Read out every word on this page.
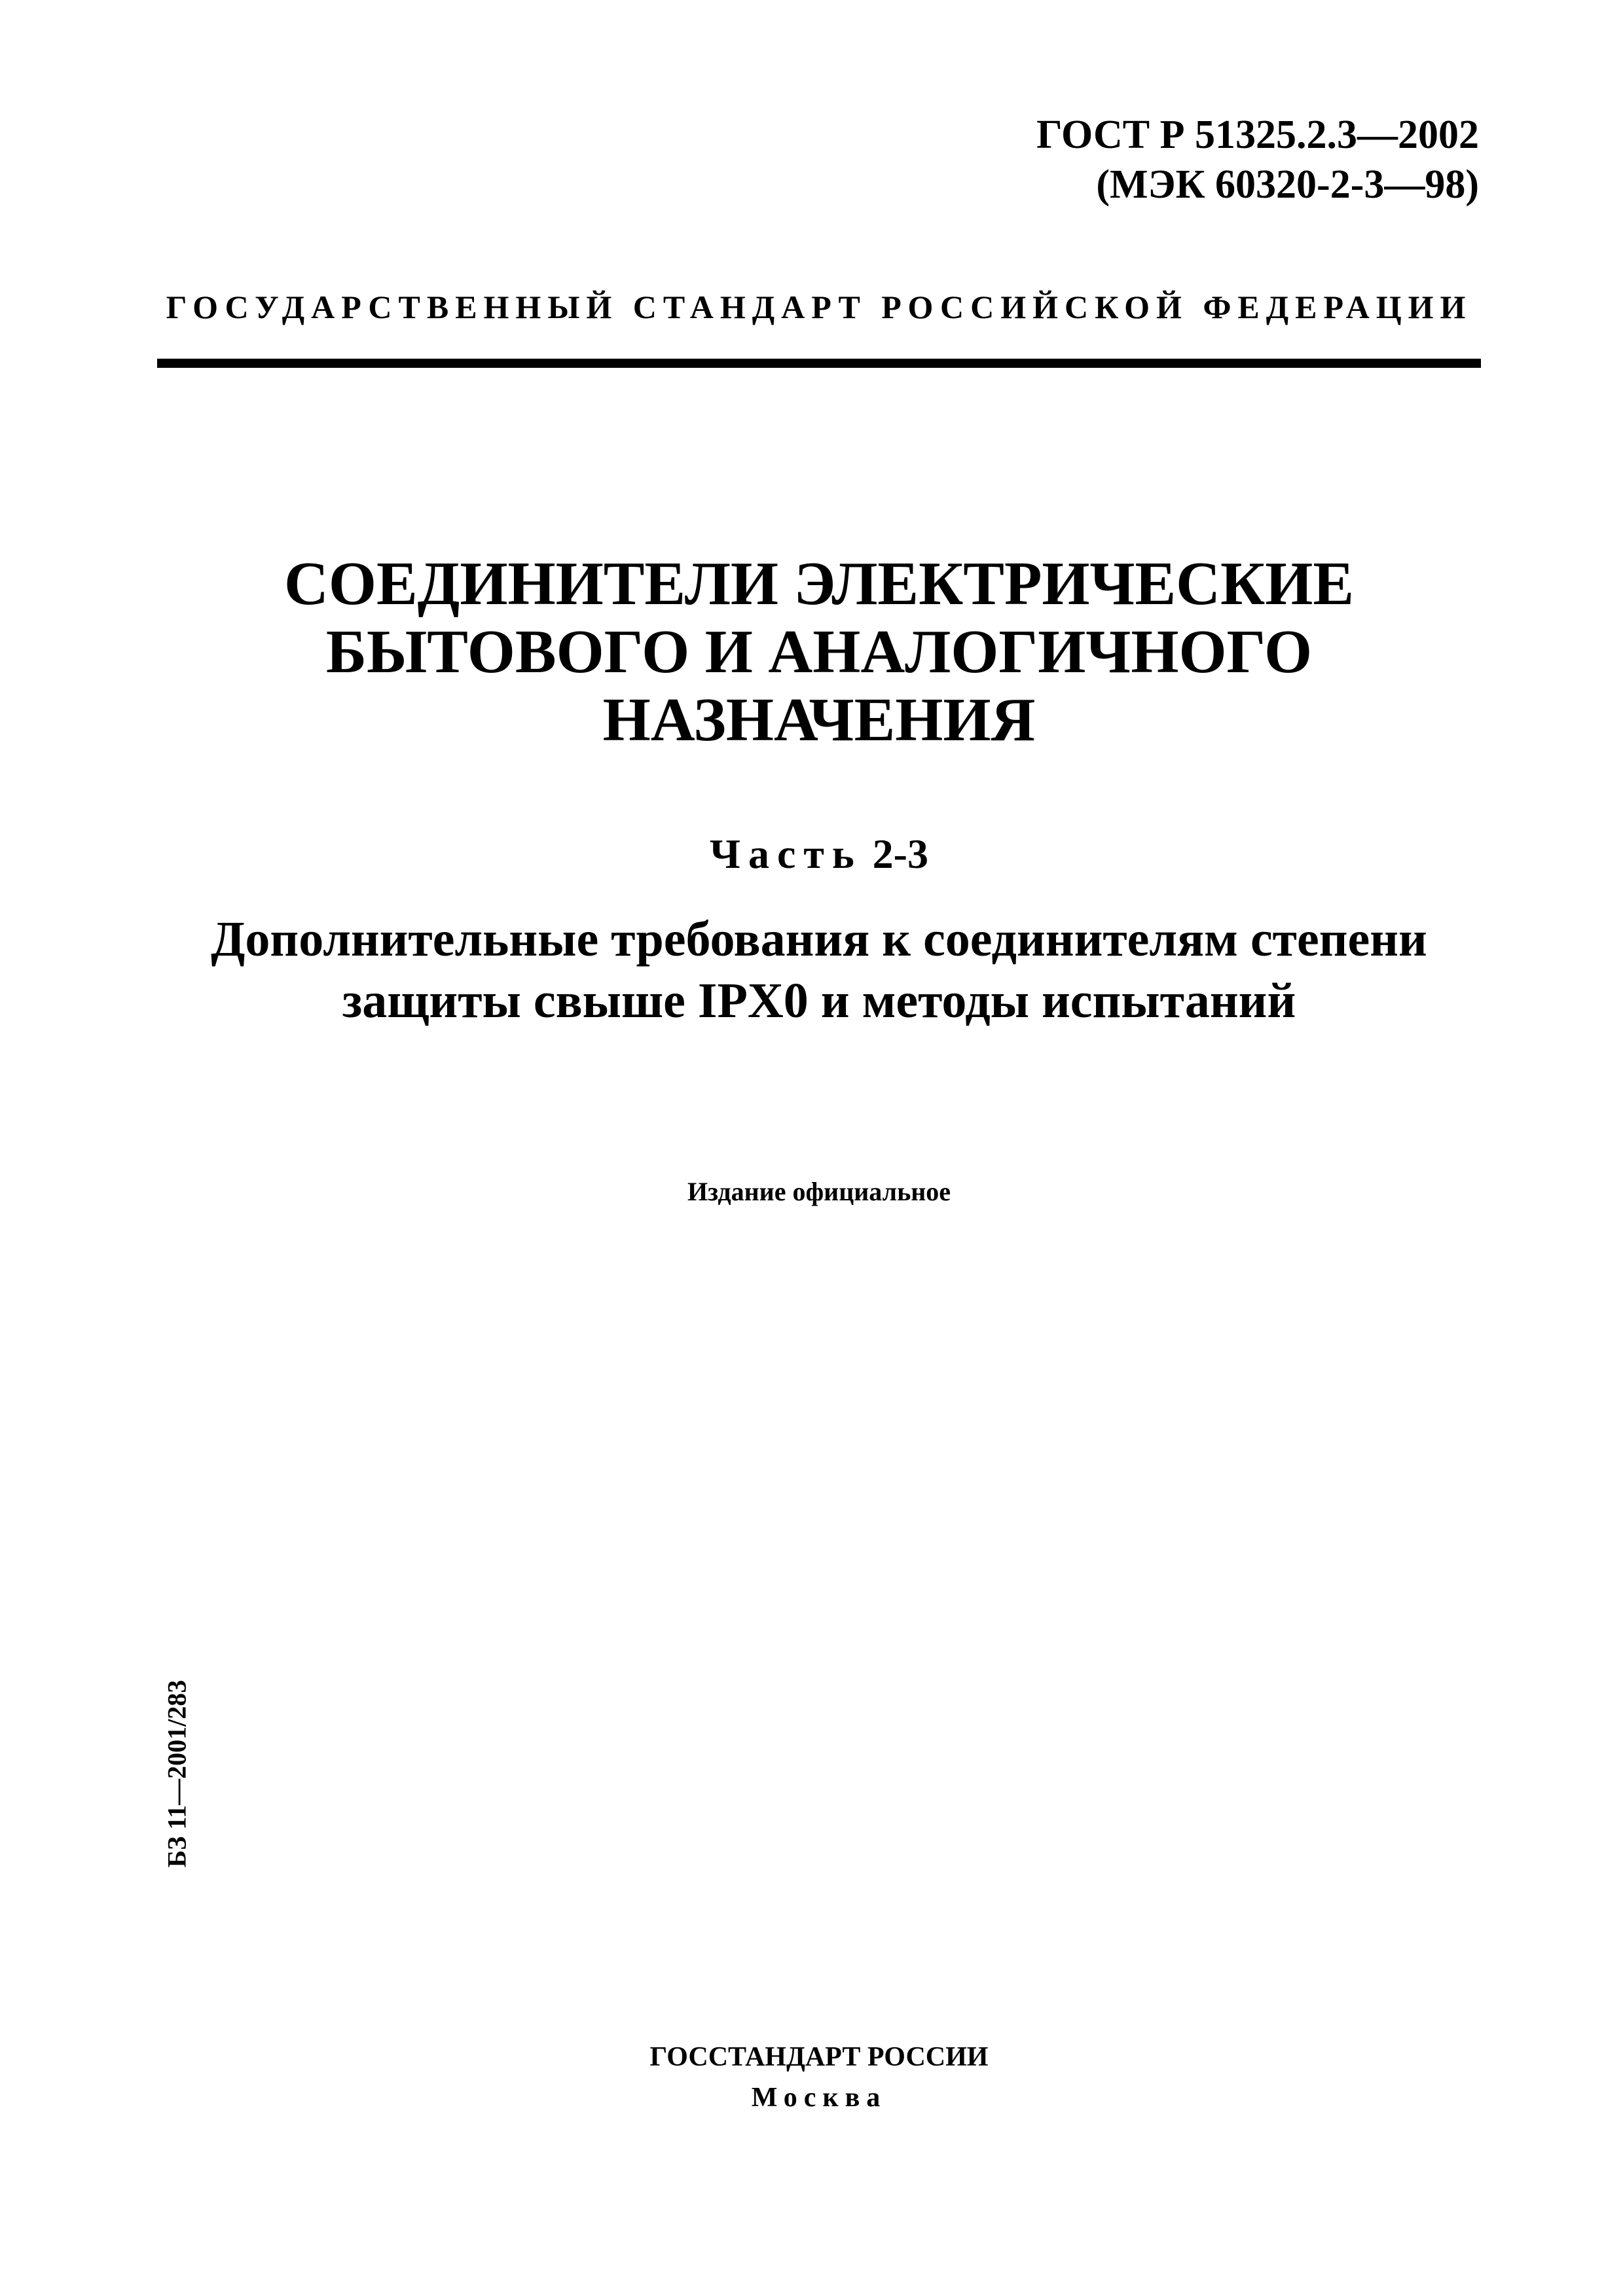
ГОСТ Р 51325.2.3—2002
(МЭК 60320-2-3—98)
ГОСУДАРСТВЕННЫЙ СТАНДАРТ РОССИЙСКОЙ ФЕДЕРАЦИИ
СОЕДИНИТЕЛИ ЭЛЕКТРИЧЕСКИЕ
БЫТОВОГО И АНАЛОГИЧНОГО
НАЗНАЧЕНИЯ
Часть 2-3
Дополнительные требования к соединителям степени
защиты свыше IPX0 и методы испытаний
Издание официальное
БЗ 11—2001/283
ГОССТАНДАРТ РОССИИ
Москва
